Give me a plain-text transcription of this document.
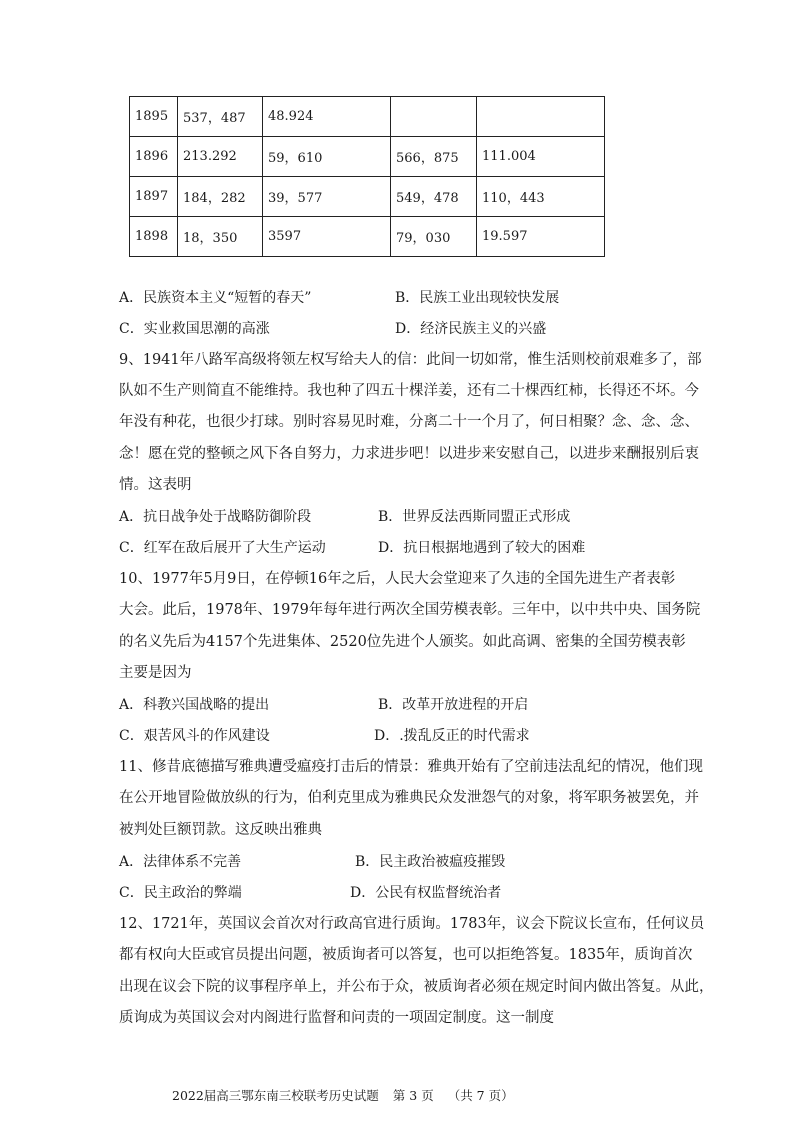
1895	537，487	48.924		
1896	213.292	59，610	566，875	111.004
1897	184，282	39，577	549，478	110，443
1898	18，350	3597	79，030	19.597
A．民族资本主义“短暂的春天”	B．民族工业出现较快发展
C．实业救国思潮的高涨	D．经济民族主义的兴盛
9、1941年八路军高级将领左权写给夫人的信：此间一切如常，惟生活则校前艰难多了，部
队如不生产则简直不能维持。我也种了四五十棵洋姜，还有二十棵西红柿，长得还不坏。今
年没有种花，也很少打球。别时容易见时难，分离二十一个月了，何日相聚？念、念、念、
念！愿在党的整顿之风下各自努力，力求进步吧！以进步来安慰自己，以进步来酬报别后衷
情。这表明
A．抗日战争处于战略防御阶段	B．世界反法西斯同盟正式形成
C．红军在敌后展开了大生产运动	D．抗日根据地遇到了较大的困难
10、1977年5月9日，在停顿16年之后，人民大会堂迎来了久违的全国先进生产者表彰
大会。此后，1978年、1979年每年进行两次全国劳模表彰。三年中，以中共中央、国务院
的名义先后为4157个先进集体、2520位先进个人颁奖。如此高调、密集的全国劳模表彰
主要是因为
A．科教兴国战略的提出	B．改革开放进程的开启
C．艰苦风斗的作风建设	D．.拨乱反正的时代需求
11、修昔底德描写雅典遭受瘟疫打击后的情景：雅典开始有了空前违法乱纪的情况，他们现
在公开地冒险做放纵的行为，伯利克里成为雅典民众发泄怨气的对象，将军职务被罢免，并
被判处巨额罚款。这反映出雅典
A．法律体系不完善	B．民主政治被瘟疫摧毁
C．民主政治的弊端	D．公民有权监督统治者
12、1721年，英国议会首次对行政高官进行质询。1783年，议会下院议长宣布，任何议员
都有权向大臣或官员提出问题，被质询者可以答复，也可以拒绝答复。1835年，质询首次
出现在议会下院的议事程序单上，并公布于众，被质询者必须在规定时间内做出答复。从此，
质询成为英国议会对内阁进行监督和问责的一项固定制度。这一制度
2022届高三鄂东南三校联考历史试题 第 3 页 （共 7 页）
